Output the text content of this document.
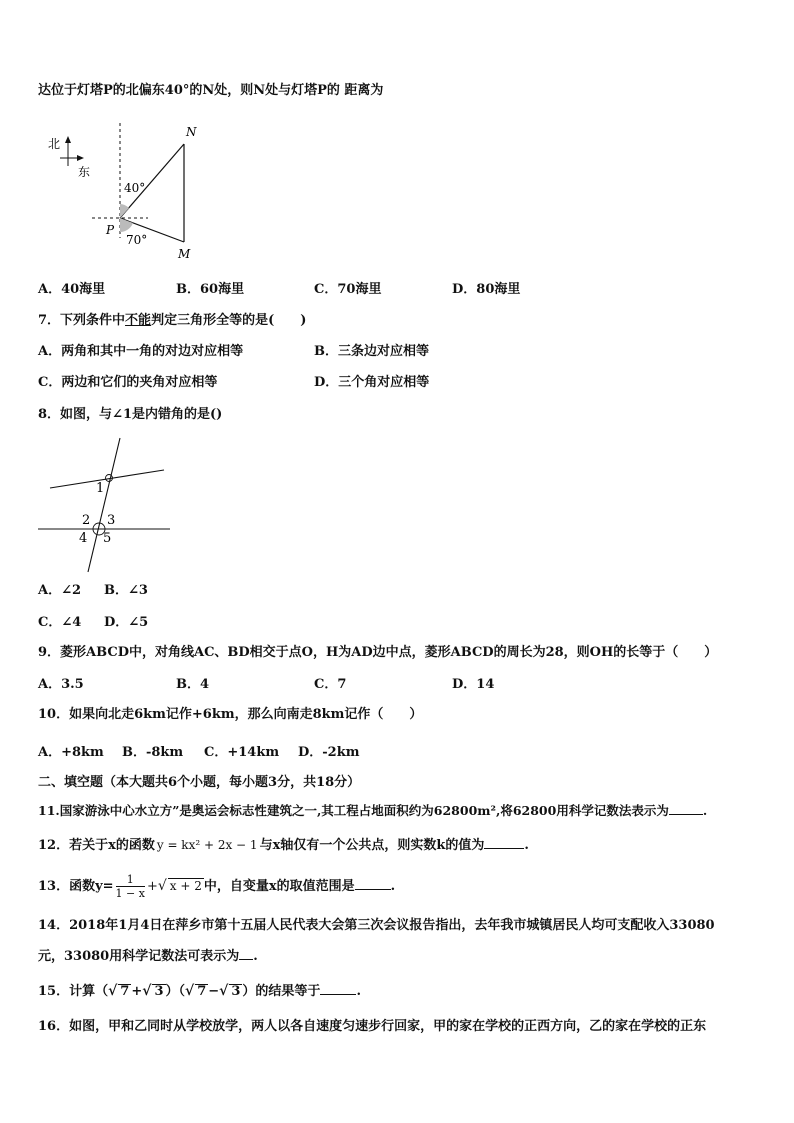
达位于灯塔P的北偏东40°的N处，则N处与灯塔P的 距离为
北
东
N
P
M
40°
70°
A．40海里	B．60海里	C．70海里	D．80海里
7．下列条件中不能判定三角形全等的是(　　)
A．两角和其中一角的对边对应相等	B．三条边对应相等
C．两边和它们的夹角对应相等	D．三个角对应相等
8．如图，与∠1是内错角的是()
1
2 3
4 5
A．∠2 B．∠3
C．∠4 D．∠5
9．菱形ABCD中，对角线AC、BD相交于点O，H为AD边中点，菱形ABCD的周长为28，则OH的长等于（　　）
A．3.5	B．4	C．7	D．14
10．如果向北走6km记作+6km，那么向南走8km记作（　　）
A．+8km B．-8km C．+14km D．-2km
二、填空题（本大题共6个小题，每小题3分，共18分）
11.国家游泳中心水立方”是奥运会标志性建筑之一,其工程占地面积约为62800m²,将62800用科学记数法表示为	.
12．若关于x的函数 y = kx² + 2x − 1 与x轴仅有一个公共点，则实数k的值为	.
13．函数$y= \frac{1}{1 - x}$ +√ x + 2 中，自变量x的取值范围是	.
14．2018年1月4日在萍乡市第十五届人民代表大会第三次会议报告指出，去年我市城镇居民人均可支配收入33080
元，33080用科学记数法可表示为 .
15．计算（√ 7 +√ 3 ）（√ 7 −√ 3 ）的结果等于	.
16．如图，甲和乙同时从学校放学，两人以各自速度匀速步行回家，甲的家在学校的正西方向，乙的家在学校的正东
